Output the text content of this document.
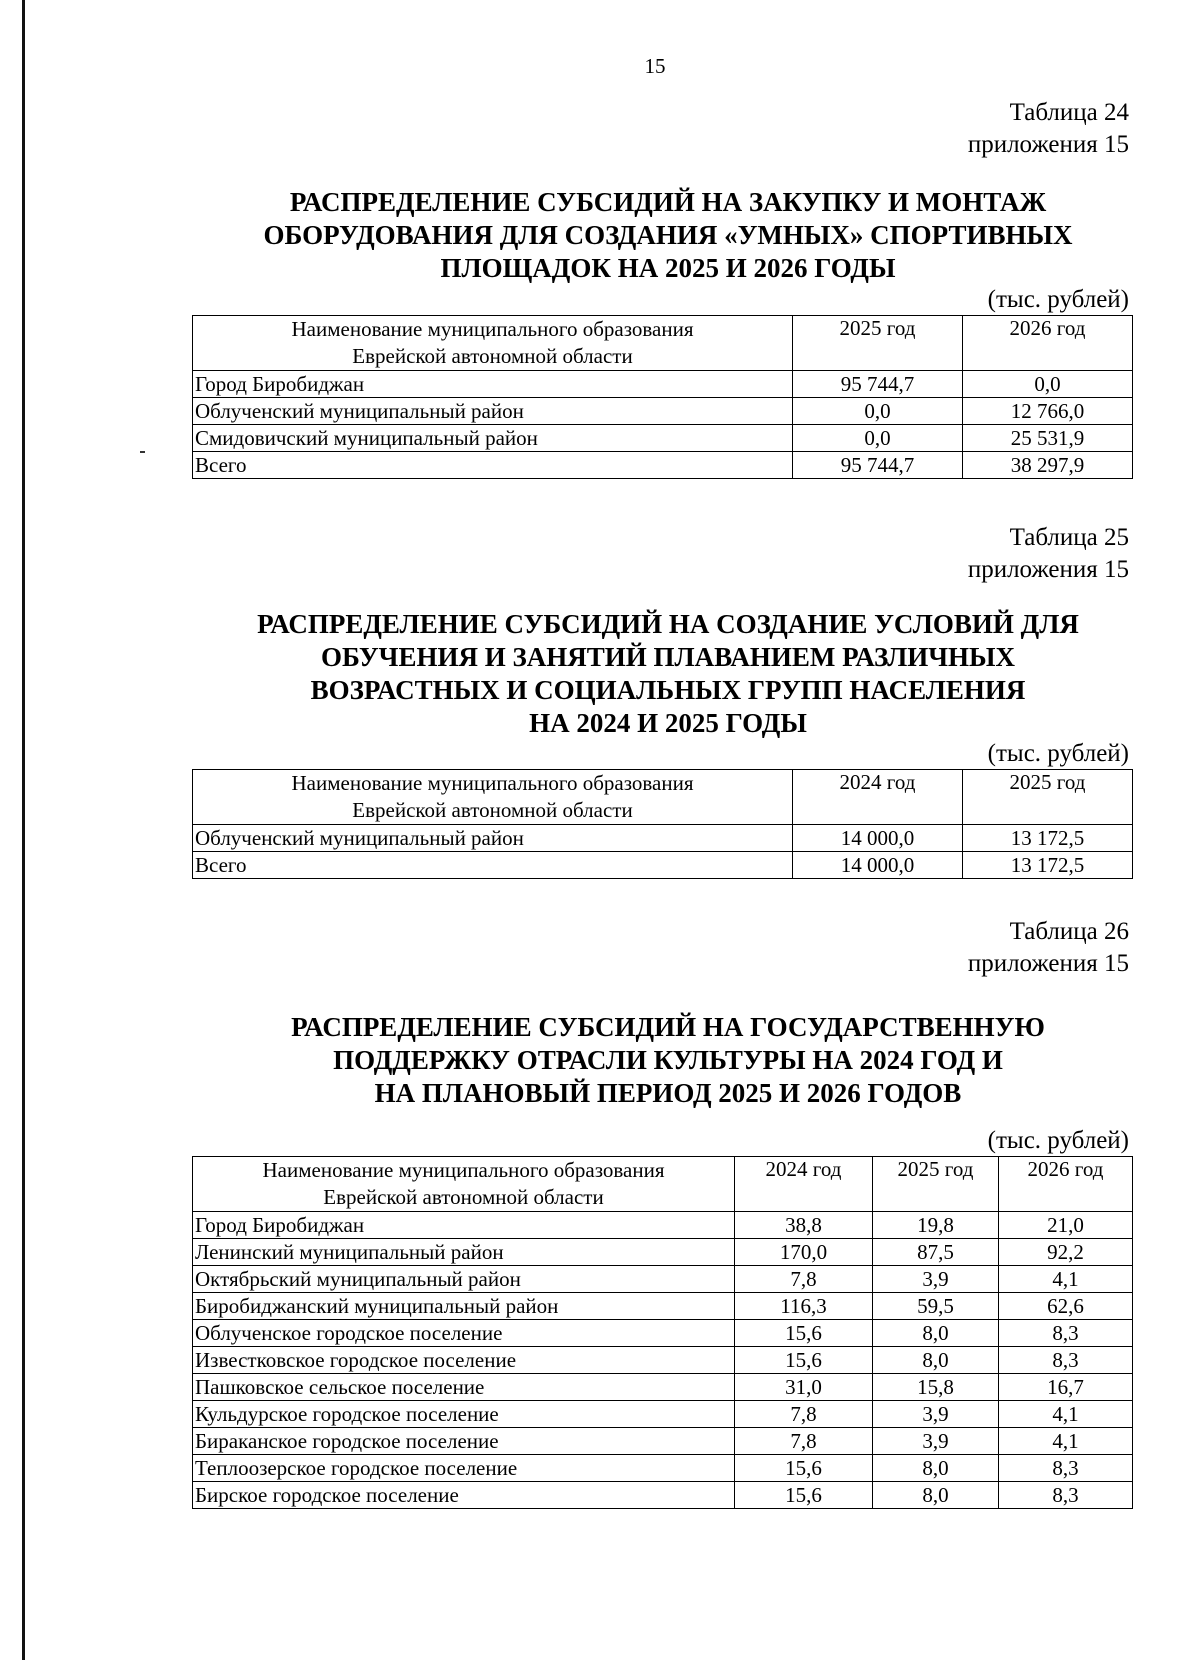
15
Таблица 24
приложения 15
РАСПРЕДЕЛЕНИЕ СУБСИДИЙ НА ЗАКУПКУ И МОНТАЖ
ОБОРУДОВАНИЯ ДЛЯ СОЗДАНИЯ «УМНЫХ» СПОРТИВНЫХ
ПЛОЩАДОК НА 2025 И 2026 ГОДЫ
(тыс. рублей)
Наименование муниципального образования
Еврейской автономной области	2025 год	2026 год
Город Биробиджан	95 744,7	0,0
Облученский муниципальный район	0,0	12 766,0
Смидовичский муниципальный район	0,0	25 531,9
Всего	95 744,7	38 297,9
Таблица 25
приложения 15
РАСПРЕДЕЛЕНИЕ СУБСИДИЙ НА СОЗДАНИЕ УСЛОВИЙ ДЛЯ
ОБУЧЕНИЯ И ЗАНЯТИЙ ПЛАВАНИЕМ РАЗЛИЧНЫХ
ВОЗРАСТНЫХ И СОЦИАЛЬНЫХ ГРУПП НАСЕЛЕНИЯ
НА 2024 И 2025 ГОДЫ
(тыс. рублей)
Наименование муниципального образования
Еврейской автономной области	2024 год	2025 год
Облученский муниципальный район	14 000,0	13 172,5
Всего	14 000,0	13 172,5
Таблица 26
приложения 15
РАСПРЕДЕЛЕНИЕ СУБСИДИЙ НА ГОСУДАРСТВЕННУЮ
ПОДДЕРЖКУ ОТРАСЛИ КУЛЬТУРЫ НА 2024 ГОД И
НА ПЛАНОВЫЙ ПЕРИОД 2025 И 2026 ГОДОВ
(тыс. рублей)
Наименование муниципального образования
Еврейской автономной области	2024 год	2025 год	2026 год
Город Биробиджан	38,8	19,8	21,0
Ленинский муниципальный район	170,0	87,5	92,2
Октябрьский муниципальный район	7,8	3,9	4,1
Биробиджанский муниципальный район	116,3	59,5	62,6
Облученское городское поселение	15,6	8,0	8,3
Известковское городское поселение	15,6	8,0	8,3
Пашковское сельское поселение	31,0	15,8	16,7
Кульдурское городское поселение	7,8	3,9	4,1
Бираканское городское поселение	7,8	3,9	4,1
Теплоозерское городское поселение	15,6	8,0	8,3
Бирское городское поселение	15,6	8,0	8,3
